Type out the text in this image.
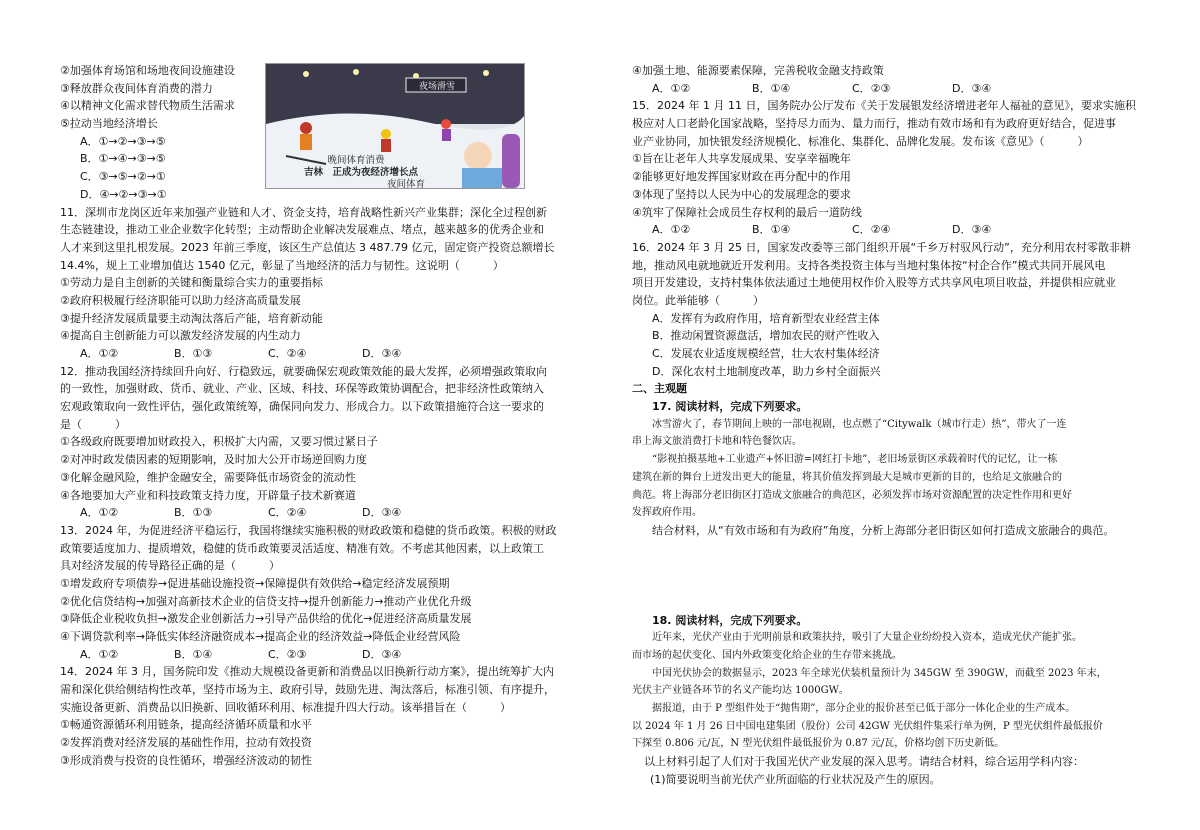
夜场滑雪
晚间体育消费
吉林　正成为夜经济增长点
夜间体育
②加强体育场馆和场地夜间设施建设
③释放群众夜间体育消费的潜力
④以精神文化需求替代物质生活需求
⑤拉动当地经济增长
A．①→②→③→⑤
B．①→④→③→⑤
C．③→⑤→②→①
D．④→②→③→①
11．深圳市龙岗区近年来加强产业链和人才、资金支持，培育战略性新兴产业集群；深化全过程创新
生态链建设，推动工业企业数字化转型；主动帮助企业解决发展难点、堵点，越来越多的优秀企业和
人才来到这里扎根发展。2023 年前三季度，该区生产总值达 3 487.79 亿元，固定资产投资总额增长
14.4%，规上工业增加值达 1540 亿元，彰显了当地经济的活力与韧性。这说明（　　　）
①劳动力是自主创新的关键和衡量综合实力的重要指标
②政府积极履行经济职能可以助力经济高质量发展
③提升经济发展质量要主动淘汰落后产能，培育新动能
④提高自主创新能力可以激发经济发展的内生动力
A．①②	B．①③	C．②④	D．③④
12．推动我国经济持续回升向好、行稳致远，就要确保宏观政策效能的最大发挥，必须增强政策取向
的一致性，加强财政、货币、就业、产业、区域、科技、环保等政策协调配合，把非经济性政策纳入
宏观政策取向一致性评估，强化政策统筹，确保同向发力、形成合力。以下政策措施符合这一要求的
是（　　　）
①各级政府既要增加财政投入，积极扩大内需，又要习惯过紧日子
②对冲时政发债因素的短期影响，及时加大公开市场逆回购力度
③化解金融风险，维护金融安全，需要降低市场资金的流动性
④各地要加大产业和科技政策支持力度，开辟量子技术新赛道
A．①②	B．①③	C．②④	D．③④
13．2024 年，为促进经济平稳运行，我国将继续实施积极的财政政策和稳健的货币政策。积极的财政
政策要适度加力、提质增效，稳健的货币政策要灵活适度、精准有效。不考虑其他因素，以上政策工
具对经济发展的传导路径正确的是（　　　）
①增发政府专项债券→促进基础设施投资→保障提供有效供给→稳定经济发展预期
②优化信贷结构→加强对高新技术企业的信贷支持→提升创新能力→推动产业优化升级
③降低企业税收负担→激发企业创新活力→引导产品供给的优化→促进经济高质量发展
④下调贷款利率→降低实体经济融资成本→提高企业的经济效益→降低企业经营风险
A．①②	B．①④	C．②③	D．③④
14．2024 年 3 月，国务院印发《推动大规模设备更新和消费品以旧换新行动方案》，提出统筹扩大内
需和深化供给侧结构性改革，坚持市场为主、政府引导，鼓励先进、淘汰落后，标准引领、有序提升，
实施设备更新、消费品以旧换新、回收循环利用、标准提升四大行动。该举措旨在（　　　）
①畅通资源循环利用链条，提高经济循环质量和水平
②发挥消费对经济发展的基础性作用，拉动有效投资
③形成消费与投资的良性循环，增强经济波动的韧性
④加强土地、能源要素保障，完善税收金融支持政策
A．①②	B．①④	C．②③	D．③④
15．2024 年 1 月 11 日，国务院办公厅发布《关于发展银发经济增进老年人福祉的意见》，要求实施积
极应对人口老龄化国家战略，坚持尽力而为、量力而行，推动有效市场和有为政府更好结合，促进事
业产业协同，加快银发经济规模化、标准化、集群化、品牌化发展。发布该《意见》（　　　）
①旨在让老年人共享发展成果、安享幸福晚年
②能够更好地发挥国家财政在再分配中的作用
③体现了坚持以人民为中心的发展理念的要求
④筑牢了保障社会成员生存权利的最后一道防线
A．①②	B．①④	C．②④	D．③④
16．2024 年 3 月 25 日，国家发改委等三部门组织开展“千乡万村驭风行动”，充分利用农村零散非耕
地，推动风电就地就近开发利用。支持各类投资主体与当地村集体按“村企合作”模式共同开展风电
项目开发建设，支持村集体依法通过土地使用权作价入股等方式共享风电项目收益，并提供相应就业
岗位。此举能够（　　　）
A．发挥有为政府作用，培育新型农业经营主体
B．推动闲置资源盘活，增加农民的财产性收入
C．发展农业适度规模经营，壮大农村集体经济
D．深化农村土地制度改革，助力乡村全面振兴
二、主观题
17. 阅读材料，完成下列要求。
冰雪游火了，春节期间上映的一部电视剧，也点燃了“Citywalk（城市行走）热”，带火了一连
串上海文旅消费打卡地和特色餐饮店。
“影视拍摄基地+工业遗产+怀旧游=网红打卡地”，老旧场景街区承载着时代的记忆，让一栋
建筑在新的舞台上迸发出更大的能量，将其价值发挥到最大是城市更新的目的，也给足文旅融合的
典范。将上海部分老旧街区打造成文旅融合的典范区，必须发挥市场对资源配置的决定性作用和更好
发挥政府作用。
结合材料，从“有效市场和有为政府”角度，分析上海部分老旧街区如何打造成文旅融合的典范。
18. 阅读材料，完成下列要求。
近年来，光伏产业由于光明前景和政策扶持，吸引了大量企业纷纷投入资本，造成光伏产能扩张。
而市场的起伏变化、国内外政策变化给企业的生存带来挑战。
中国光伏协会的数据显示，2023 年全球光伏装机量预计为 345GW 至 390GW，而截至 2023 年末，
光伏主产业链各环节的名义产能均达 1000GW。
据报道，由于 P 型组件处于“抛售期”，部分企业的报价甚至已低于部分一体化企业的生产成本。
以 2024 年 1 月 26 日中国电建集团（股份）公司 42GW 光伏组件集采行单为例，P 型光伏组件最低报价
下探至 0.806 元/瓦，N 型光伏组件最低报价为 0.87 元/瓦，价格均创下历史新低。
以上材料引起了人们对于我国光伏产业发展的深入思考。请结合材料，综合运用学科内容：
(1)简要说明当前光伏产业所面临的行业状况及产生的原因。
